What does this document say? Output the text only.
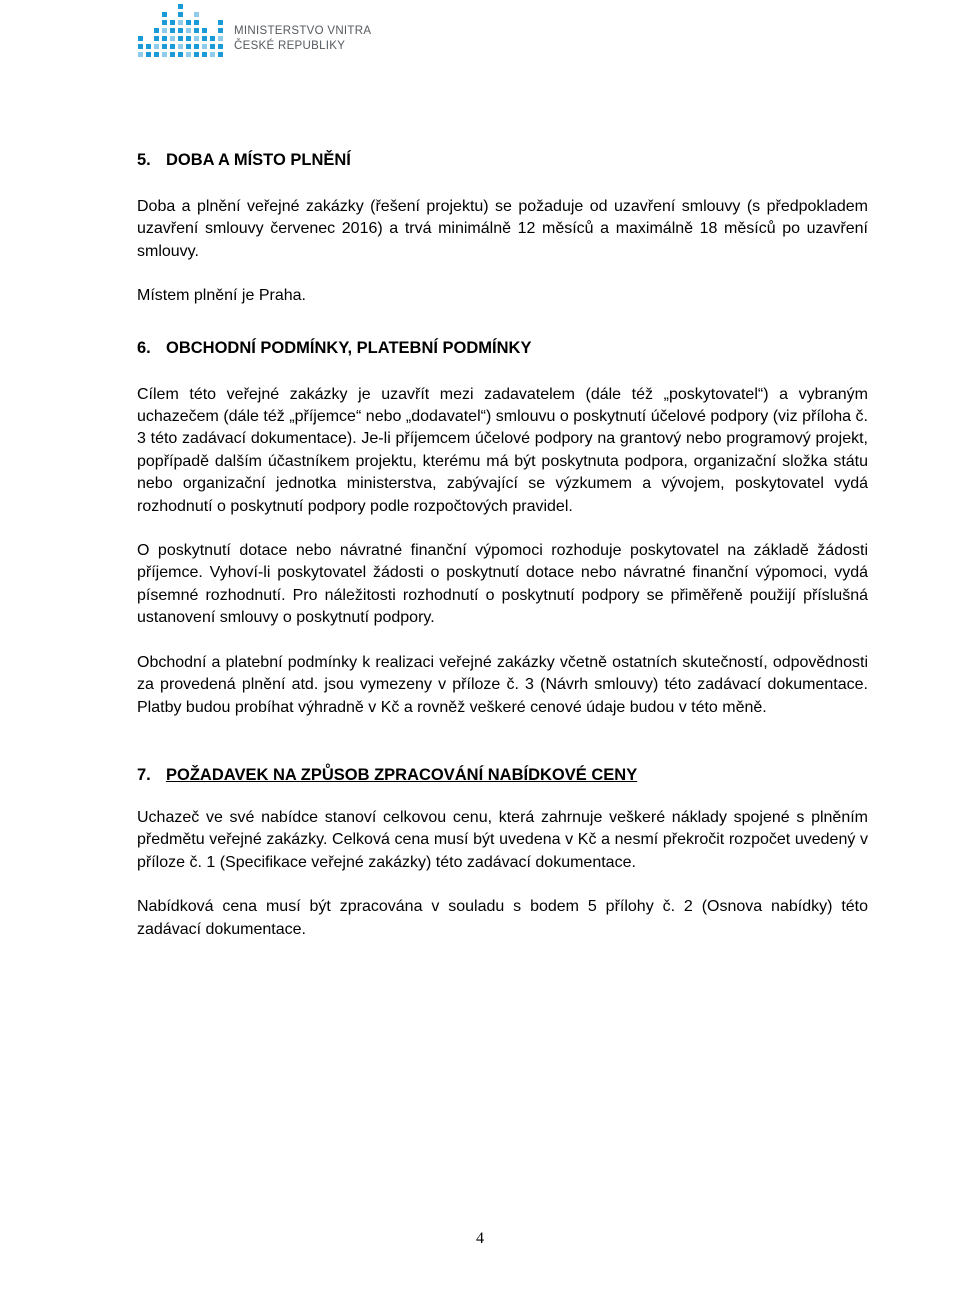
MINISTERSTVO VNITRA
ČESKÉ REPUBLIKY
5. DOBA A MÍSTO PLNĚNÍ

Doba a plnění veřejné zakázky (řešení projektu) se požaduje od uzavření smlouvy (s předpokladem uzavření smlouvy červenec 2016) a trvá minimálně 12 měsíců a maximálně 18 měsíců po uzavření smlouvy.

Místem plnění je Praha.

6. OBCHODNÍ PODMÍNKY, PLATEBNÍ PODMÍNKY

Cílem této veřejné zakázky je uzavřít mezi zadavatelem (dále též „poskytovatel“) a vybraným uchazečem (dále též „příjemce“ nebo „dodavatel“) smlouvu o poskytnutí účelové podpory (viz příloha č. 3 této zadávací dokumentace). Je-li příjemcem účelové podpory na grantový nebo programový projekt, popřípadě dalším účastníkem projektu, kterému má být poskytnuta podpora, organizační složka státu nebo organizační jednotka ministerstva, zabývající se výzkumem a vývojem, poskytovatel vydá rozhodnutí o poskytnutí podpory podle rozpočtových pravidel.

O poskytnutí dotace nebo návratné finanční výpomoci rozhoduje poskytovatel na základě žádosti příjemce. Vyhoví-li poskytovatel žádosti o poskytnutí dotace nebo návratné finanční výpomoci, vydá písemné rozhodnutí. Pro náležitosti rozhodnutí o poskytnutí podpory se přiměřeně použijí příslušná ustanovení smlouvy o poskytnutí podpory.

Obchodní a platební podmínky k realizaci veřejné zakázky včetně ostatních skutečností, odpovědnosti za provedená plnění atd. jsou vymezeny v příloze č. 3 (Návrh smlouvy) této zadávací dokumentace. Platby budou probíhat výhradně v Kč a rovněž veškeré cenové údaje budou v této měně.

7. POŽADAVEK NA ZPŮSOB ZPRACOVÁNÍ NABÍDKOVÉ CENY

Uchazeč ve své nabídce stanoví celkovou cenu, která zahrnuje veškeré náklady spojené s plněním předmětu veřejné zakázky. Celková cena musí být uvedena v Kč a nesmí překročit rozpočet uvedený v příloze č. 1 (Specifikace veřejné zakázky) této zadávací dokumentace.

Nabídková cena musí být zpracována v souladu s bodem 5 přílohy č. 2 (Osnova nabídky) této zadávací dokumentace.

4
